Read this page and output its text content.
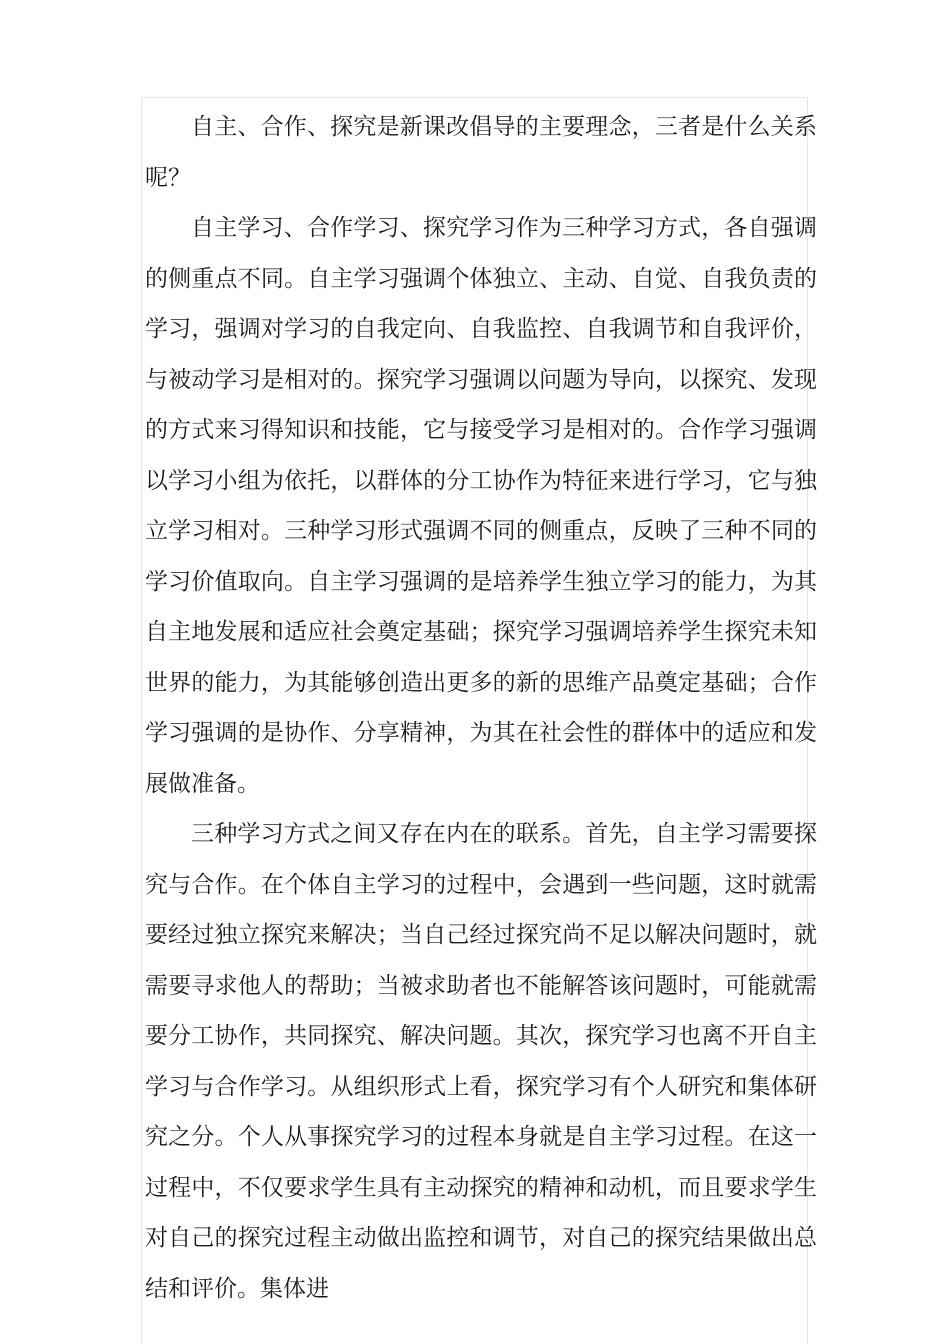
自主、合作、探究是新课改倡导的主要理念，三者是什么关系呢？

自主学习、合作学习、探究学习作为三种学习方式，各自强调的侧重点不同。自主学习强调个体独立、主动、自觉、自我负责的学习，强调对学习的自我定向、自我监控、自我调节和自我评价，与被动学习是相对的。探究学习强调以问题为导向，以探究、发现的方式来习得知识和技能，它与接受学习是相对的。合作学习强调以学习小组为依托，以群体的分工协作为特征来进行学习，它与独立学习相对。三种学习形式强调不同的侧重点，反映了三种不同的学习价值取向。自主学习强调的是培养学生独立学习的能力，为其自主地发展和适应社会奠定基础；探究学习强调培养学生探究未知世界的能力，为其能够创造出更多的新的思维产品奠定基础；合作学习强调的是协作、分享精神，为其在社会性的群体中的适应和发展做准备。

三种学习方式之间又存在内在的联系。首先，自主学习需要探究与合作。在个体自主学习的过程中，会遇到一些问题，这时就需要经过独立探究来解决；当自己经过探究尚不足以解决问题时，就需要寻求他人的帮助；当被求助者也不能解答该问题时，可能就需要分工协作，共同探究、解决问题。其次，探究学习也离不开自主学习与合作学习。从组织形式上看，探究学习有个人研究和集体研究之分。个人从事探究学习的过程本身就是自主学习过程。在这一过程中，不仅要求学生具有主动探究的精神和动机，而且要求学生对自己的探究过程主动做出监控和调节，对自己的探究结果做出总结和评价。集体进
